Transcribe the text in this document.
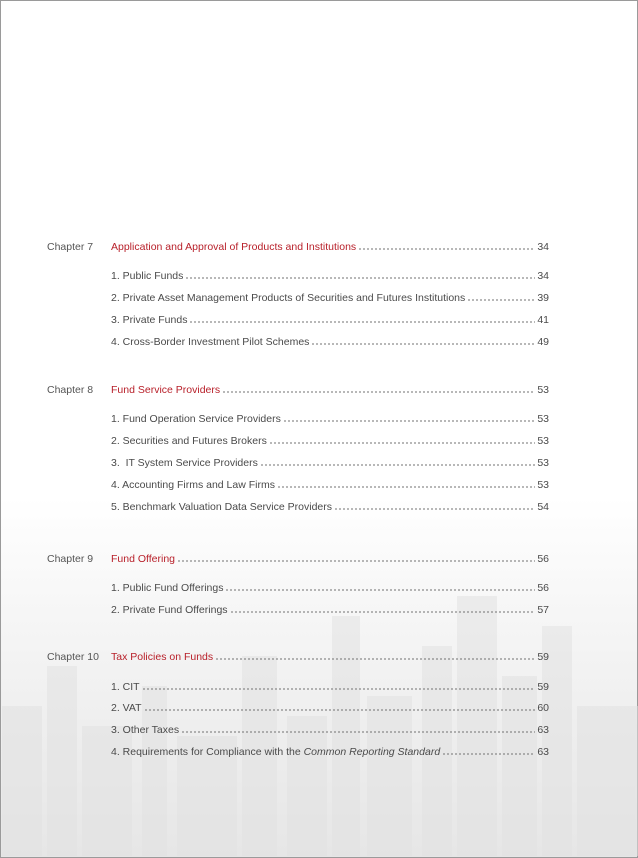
Chapter 7 Application and Approval of Products and Institutions	34
1. Public Funds	34
2. Private Asset Management Products of Securities and Futures Institutions	39
3. Private Funds	41
4. Cross-Border Investment Pilot Schemes	49
Chapter 8 Fund Service Providers	53
1. Fund Operation Service Providers	53
2. Securities and Futures Brokers	53
3.  IT System Service Providers	53
4. Accounting Firms and Law Firms	53
5. Benchmark Valuation Data Service Providers	54
Chapter 9 Fund Offering	56
1. Public Fund Offerings	56
2. Private Fund Offerings	57
Chapter 10 Tax Policies on Funds	59
1. CIT	59
2. VAT	60
3. Other Taxes	63
4. Requirements for Compliance with the Common Reporting Standard	63
